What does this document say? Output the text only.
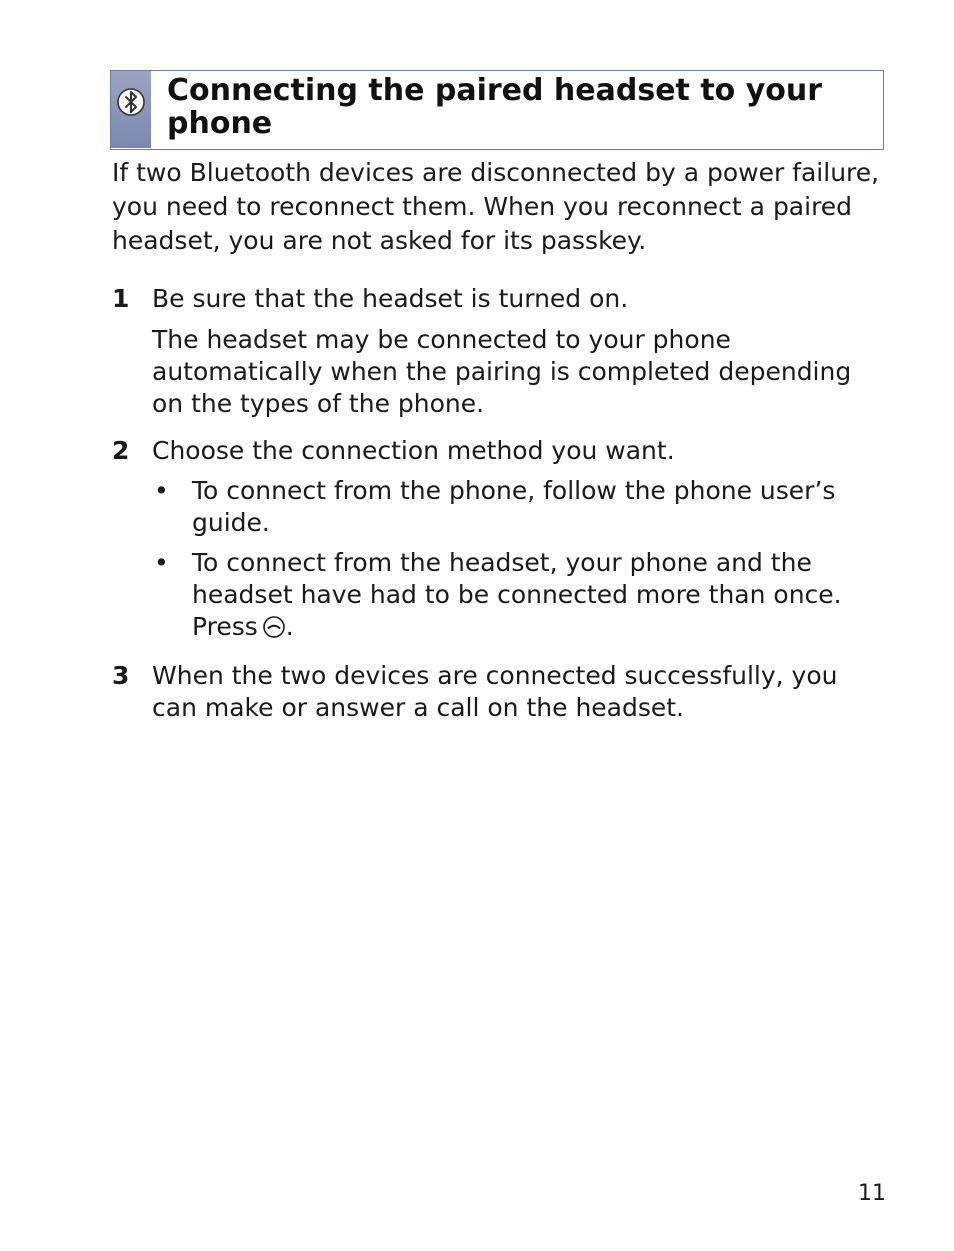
Connecting the paired headset to your phone

If two Bluetooth devices are disconnected by a power failure, you need to reconnect them. When you reconnect a paired headset, you are not asked for its passkey.

1 Be sure that the headset is turned on.

The headset may be connected to your phone automatically when the pairing is completed depending on the types of the phone.

2 Choose the connection method you want.

• To connect from the phone, follow the phone user’s guide.

• To connect from the headset, your phone and the headset have had to be connected more than once. Press .

3 When the two devices are connected successfully, you can make or answer a call on the headset.

11
